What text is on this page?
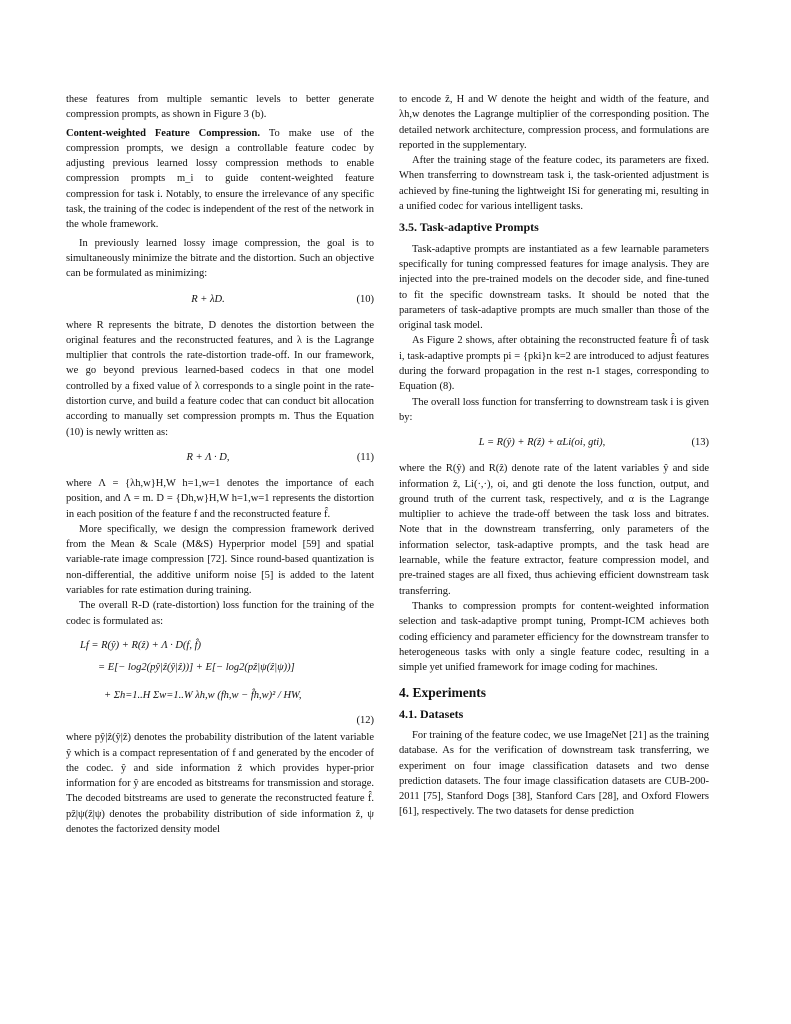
these features from multiple semantic levels to better generate compression prompts, as shown in Figure 3 (b).

Content-weighted Feature Compression. To make use of the compression prompts, we design a controllable feature codec by adjusting previous learned lossy compression methods to enable compression prompts m_i to guide content-weighted feature compression for task i. Notably, to ensure the irrelevance of any specific task, the training of the codec is independent of the rest of the network in the whole framework.

In previously learned lossy image compression, the goal is to simultaneously minimize the bitrate and the distortion. Such an objective can be formulated as minimizing:

R + λD.	(10)

where R represents the bitrate, D denotes the distortion between the original features and the reconstructed features, and λ is the Lagrange multiplier that controls the rate-distortion trade-off. In our framework, we go beyond previous learned-based codecs in that one model controlled by a fixed value of λ corresponds to a single point in the rate-distortion curve, and build a feature codec that can conduct bit allocation according to manually set compression prompts m. Thus the Equation (10) is newly written as:

R + Λ · D,	(11)

where Λ = {λh,w}H,W h=1,w=1 denotes the importance of each position, and Λ = m. D = {Dh,w}H,W h=1,w=1 represents the distortion in each position of the feature f and the reconstructed feature f̂.

More specifically, we design the compression framework derived from the Mean & Scale (M&S) Hyperprior model [59] and spatial variable-rate image compression [72]. Since round-based quantization is non-differential, the additive uniform noise [5] is added to the latent variables for rate estimation during training.

The overall R-D (rate-distortion) loss function for the training of the codec is formulated as:

Lf = R(ŷ) + R(ẑ) + Λ · D(f, f̂)
= E[− log2(pŷ|ẑ(ŷ|ẑ))] + E[− log2(pẑ|ψ(ẑ|ψ))]
+ Σh=1..H Σw=1..W λh,w (fh,w − f̂h,w)² / HW,
(12)

where pŷ|ẑ(ŷ|ẑ) denotes the probability distribution of the latent variable ŷ which is a compact representation of f and generated by the encoder of the codec. ŷ and side information ẑ which provides hyper-prior information for ŷ are encoded as bitstreams for transmission and storage. The decoded bitstreams are used to generate the reconstructed feature f̂. pẑ|ψ(ẑ|ψ) denotes the probability distribution of side information ẑ, ψ denotes the factorized density model

to encode ẑ, H and W denote the height and width of the feature, and λh,w denotes the Lagrange multiplier of the corresponding position. The detailed network architecture, compression process, and formulations are reported in the supplementary.

After the training stage of the feature codec, its parameters are fixed. When transferring to downstream task i, the task-oriented adjustment is achieved by fine-tuning the lightweight ISi for generating mi, resulting in a unified codec for various intelligent tasks.

3.5. Task-adaptive Prompts

Task-adaptive prompts are instantiated as a few learnable parameters specifically for tuning compressed features for image analysis. They are injected into the pre-trained models on the decoder side, and fine-tuned to fit the specific downstream tasks. It should be noted that the parameters of task-adaptive prompts are much smaller than those of the original task model.

As Figure 2 shows, after obtaining the reconstructed feature f̂i of task i, task-adaptive prompts pi = {pki}n k=2 are introduced to adjust features during the forward propagation in the rest n-1 stages, corresponding to Equation (8).

The overall loss function for transferring to downstream task i is given by:

L = R(ŷ) + R(ẑ) + αLi(oi, gti),	(13)

where the R(ŷ) and R(ẑ) denote rate of the latent variables ŷ and side information ẑ, Li(·,·), oi, and gti denote the loss function, output, and ground truth of the current task, respectively, and α is the Lagrange multiplier to achieve the trade-off between the task loss and bitrates. Note that in the downstream transferring, only parameters of the information selector, task-adaptive prompts, and the task head are learnable, while the feature extractor, feature compression model, and pre-trained stages are all fixed, thus achieving efficient downstream task transferring.

Thanks to compression prompts for content-weighted information selection and task-adaptive prompt tuning, Prompt-ICM achieves both coding efficiency and parameter efficiency for the downstream transfer to heterogeneous tasks with only a single feature codec, resulting in a simple yet unified framework for image coding for machines.

4. Experiments
4.1. Datasets

For training of the feature codec, we use ImageNet [21] as the training database. As for the verification of downstream task transferring, we experiment on four image classification datasets and two dense prediction datasets. The four image classification datasets are CUB-200-2011 [75], Stanford Dogs [38], Stanford Cars [28], and Oxford Flowers [61], respectively. The two datasets for dense prediction
